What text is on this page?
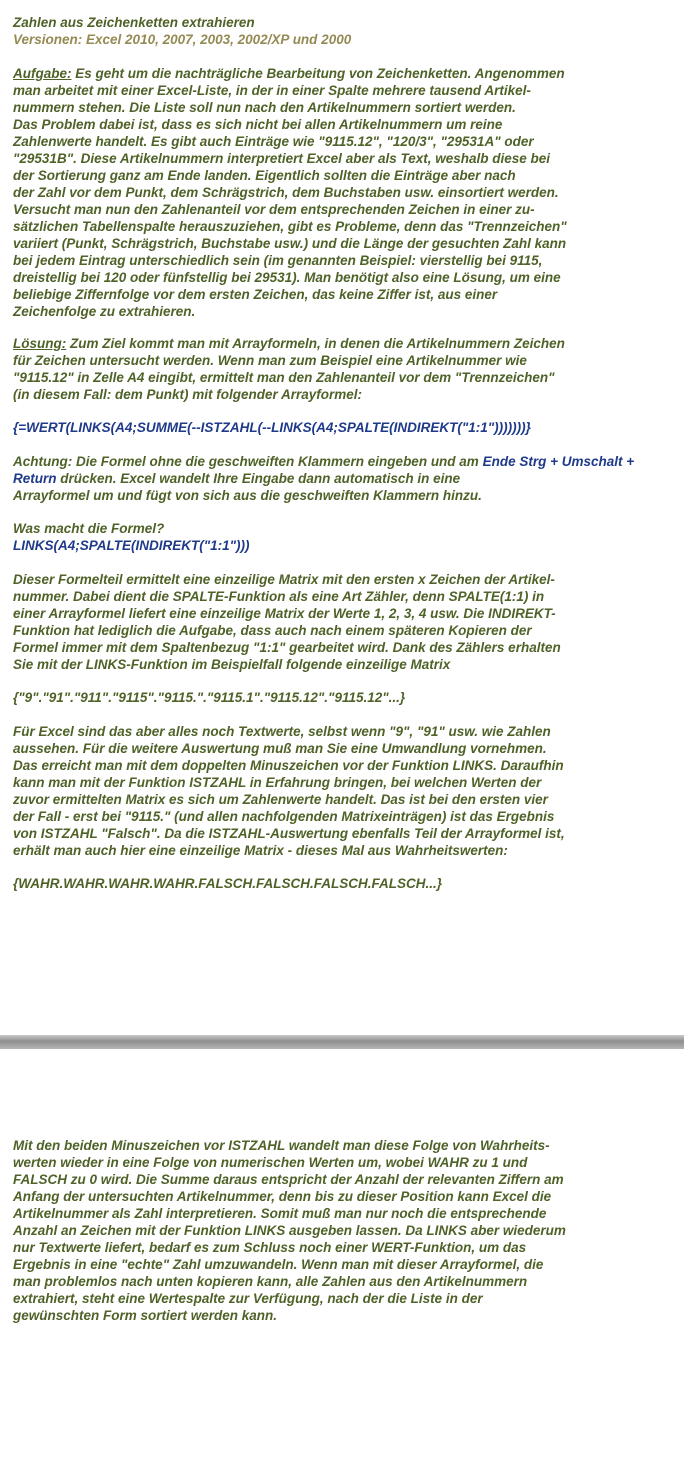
Zahlen aus Zeichenketten extrahieren

Versionen: Excel 2010, 2007, 2003, 2002/XP und 2000

Aufgabe: Es geht um die nachträgliche Bearbeitung von Zeichenketten. Angenommen
man arbeitet mit einer Excel-Liste, in der in einer Spalte mehrere tausend Artikel-
nummern stehen. Die Liste soll nun nach den Artikelnummern sortiert werden.
Das Problem dabei ist, dass es sich nicht bei allen Artikelnummern um reine
Zahlenwerte handelt. Es gibt auch Einträge wie "9115.12", "120/3", "29531A" oder
"29531B". Diese Artikelnummern interpretiert Excel aber als Text, weshalb diese bei
der Sortierung ganz am Ende landen. Eigentlich sollten die Einträge aber nach
der Zahl vor dem Punkt, dem Schrägstrich, dem Buchstaben usw. einsortiert werden.
Versucht man nun den Zahlenanteil vor dem entsprechenden Zeichen in einer zu-
sätzlichen Tabellenspalte herauszuziehen, gibt es Probleme, denn das "Trennzeichen"
variiert (Punkt, Schrägstrich, Buchstabe usw.) und die Länge der gesuchten Zahl kann
bei jedem Eintrag unterschiedlich sein (im genannten Beispiel: vierstellig bei 9115,
dreistellig bei 120 oder fünfstellig bei 29531). Man benötigt also eine Lösung, um eine
beliebige Ziffernfolge vor dem ersten Zeichen, das keine Ziffer ist, aus einer
Zeichenfolge zu extrahieren.

Lösung: Zum Ziel kommt man mit Arrayformeln, in denen die Artikelnummern Zeichen
für Zeichen untersucht werden. Wenn man zum Beispiel eine Artikelnummer wie
"9115.12" in Zelle A4 eingibt, ermittelt man den Zahlenanteil vor dem "Trennzeichen"
(in diesem Fall: dem Punkt) mit folgender Arrayformel:

{=WERT(LINKS(A4;SUMME(--ISTZAHL(--LINKS(A4;SPALTE(INDIREKT("1:1")))))))}

Achtung: Die Formel ohne die geschweiften Klammern eingeben und am Ende Strg + Umschalt + Return drücken. Excel wandelt Ihre Eingabe dann automatisch in eine
Arrayformel um und fügt von sich aus die geschweiften Klammern hinzu.

Was macht die Formel?

LINKS(A4;SPALTE(INDIREKT("1:1")))

Dieser Formelteil ermittelt eine einzeilige Matrix mit den ersten x Zeichen der Artikel-
nummer. Dabei dient die SPALTE-Funktion als eine Art Zähler, denn SPALTE(1:1) in
einer Arrayformel liefert eine einzeilige Matrix der Werte 1, 2, 3, 4 usw. Die INDIREKT-
Funktion hat lediglich die Aufgabe, dass auch nach einem späteren Kopieren der
Formel immer mit dem Spaltenbezug "1:1" gearbeitet wird. Dank des Zählers erhalten
Sie mit der LINKS-Funktion im Beispielfall folgende einzeilige Matrix

{"9"."91"."911"."9115"."9115."."9115.1"."9115.12"."9115.12"...}

Für Excel sind das aber alles noch Textwerte, selbst wenn "9", "91" usw. wie Zahlen
aussehen. Für die weitere Auswertung muß man Sie eine Umwandlung vornehmen.
Das erreicht man mit dem doppelten Minuszeichen vor der Funktion LINKS. Daraufhin
kann man mit der Funktion ISTZAHL in Erfahrung bringen, bei welchen Werten der
zuvor ermittelten Matrix es sich um Zahlenwerte handelt. Das ist bei den ersten vier
der Fall - erst bei "9115." (und allen nachfolgenden Matrixeinträgen) ist das Ergebnis
von ISTZAHL "Falsch". Da die ISTZAHL-Auswertung ebenfalls Teil der Arrayformel ist,
erhält man auch hier eine einzeilige Matrix - dieses Mal aus Wahrheitswerten:

{WAHR.WAHR.WAHR.WAHR.FALSCH.FALSCH.FALSCH.FALSCH...}

Mit den beiden Minuszeichen vor ISTZAHL wandelt man diese Folge von Wahrheits-
werten wieder in eine Folge von numerischen Werten um, wobei WAHR zu 1 und
FALSCH zu 0 wird. Die Summe daraus entspricht der Anzahl der relevanten Ziffern am
Anfang der untersuchten Artikelnummer, denn bis zu dieser Position kann Excel die
Artikelnummer als Zahl interpretieren. Somit muß man nur noch die entsprechende
Anzahl an Zeichen mit der Funktion LINKS ausgeben lassen. Da LINKS aber wiederum
nur Textwerte liefert, bedarf es zum Schluss noch einer WERT-Funktion, um das
Ergebnis in eine "echte" Zahl umzuwandeln. Wenn man mit dieser Arrayformel, die
man problemlos nach unten kopieren kann, alle Zahlen aus den Artikelnummern
extrahiert, steht eine Wertespalte zur Verfügung, nach der die Liste in der
gewünschten Form sortiert werden kann.
